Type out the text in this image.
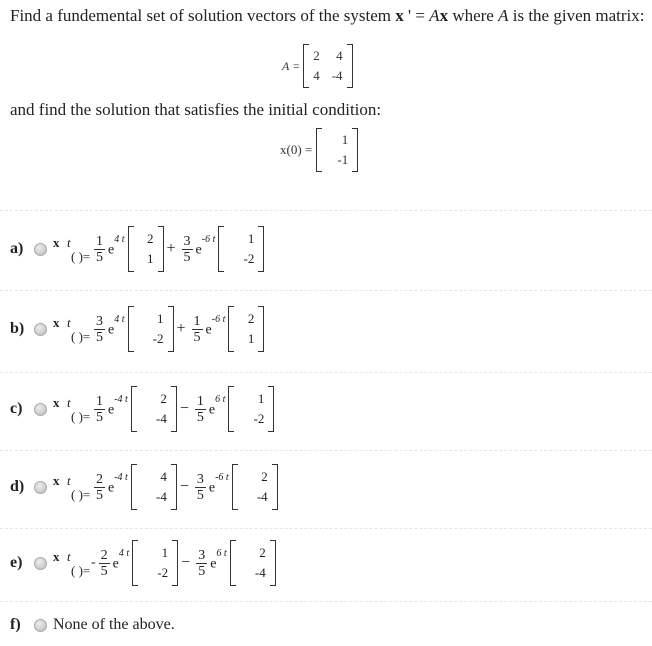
Find a fundemental set of solution vectors of the system x ' = Ax where A is the given matrix:
A =
2	4
4 -4
and find the solution that satisfies the initial condition:
x(0) =
1
-1
a)	x t
( )= $\frac{1}{5} e^{4 t}$	2
1
+ $\frac{3}{5} e^{-6 t}$	1
-2
b)	x t
( )= $\frac{3}{5} e^{4 t}$	1
-2
+ $\frac{1}{5} e^{-6 t}$	2
1
c)	x t
( )= $\frac{1}{5} e^{-4 t}$	2
-4
− $\frac{1}{5} e^{6 t}$	1
-2
d)	x t
( )= $\frac{2}{5} e^{-4 t}$	4
-4
− $\frac{3}{5} e^{-6 t}$	2
-4
e)	x t
( )=
- $\frac{2}{5} e^{4 t}$	1
-2
− $\frac{3}{5} e^{6 t}$	2
-4
f)	None of the above.
